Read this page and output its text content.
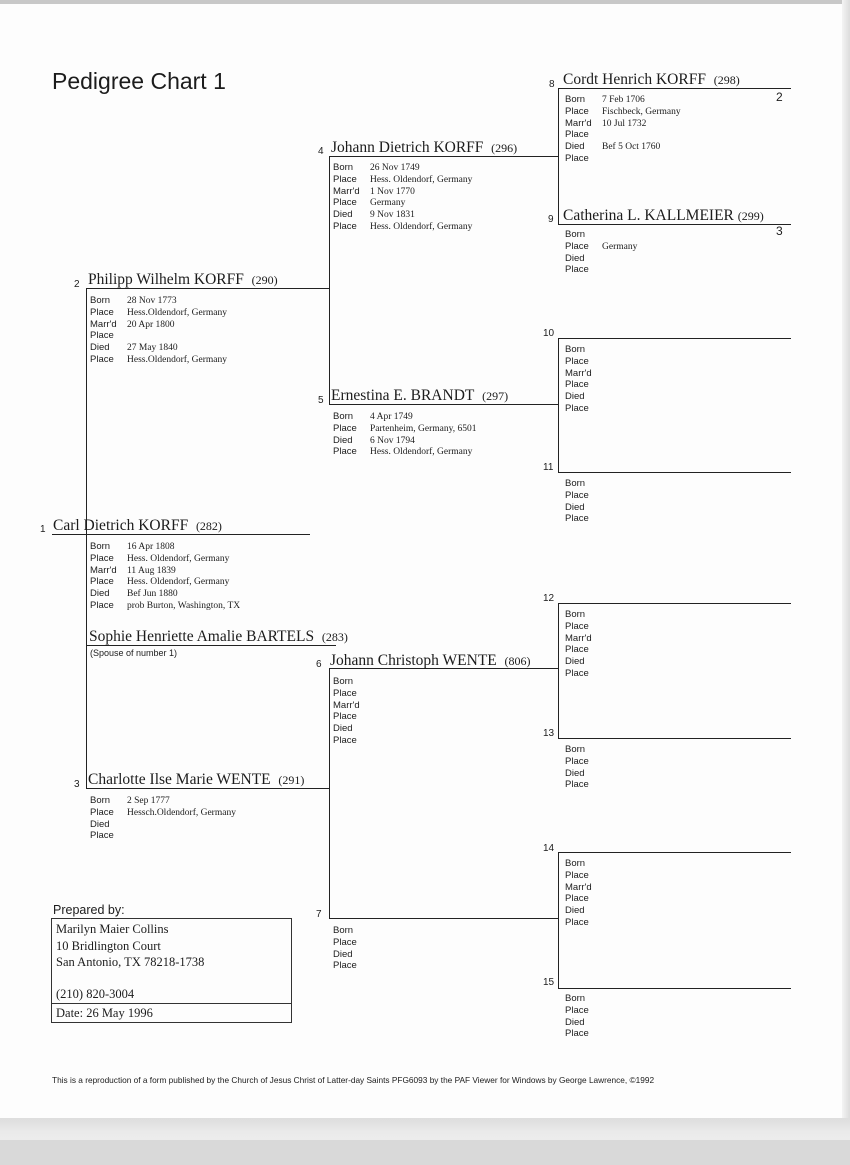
Pedigree Chart 1
1 Carl Dietrich KORFF (282)
Born 16 Apr 1808
Place Hess. Oldendorf, Germany
Marr'd 11 Aug 1839
Place Hess. Oldendorf, Germany
Died Bef Jun 1880
Place prob Burton, Washington, TX
Sophie Henriette Amalie BARTELS (283)
(Spouse of number 1)
2 Philipp Wilhelm KORFF (290)
Born 28 Nov 1773
Place Hess.Oldendorf, Germany
Marr'd 20 Apr 1800
Place
Died 27 May 1840
Place Hess.Oldendorf, Germany
3 Charlotte Ilse Marie WENTE (291)
Born 2 Sep 1777
Place Hessch.Oldendorf, Germany
Died
Place
4 Johann Dietrich KORFF (296)
Born 26 Nov 1749
Place Hess. Oldendorf, Germany
Marr'd 1 Nov 1770
Place Germany
Died 9 Nov 1831
Place Hess. Oldendorf, Germany
5 Ernestina E. BRANDT (297)
Born 4 Apr 1749
Place Partenheim, Germany, 6501
Died 6 Nov 1794
Place Hess. Oldendorf, Germany
6 Johann Christoph WENTE (806)
Born
Place
Marr'd
Place
Died
Place
7
Born
Place
Died
Place
8 Cordt Henrich KORFF (298)
2
Born 7 Feb 1706
Place Fischbeck, Germany
Marr'd 10 Jul 1732
Place
Died Bef 5 Oct 1760
Place
9 Catherina L. KALLMEIER (299)
3
Born
Place Germany
Died
Place
10
Born
Place
Marr'd
Place
Died
Place
11
Born
Place
Died
Place
12
Born
Place
Marr'd
Place
Died
Place
13
Born
Place
Died
Place
14
Born
Place
Marr'd
Place
Died
Place
15
Born
Place
Died
Place
Prepared by:
Marilyn Maier Collins
10 Bridlington Court
San Antonio, TX 78218-1738
(210) 820-3004
Date: 26 May 1996
This is a reproduction of a form published by the Church of Jesus Christ of Latter-day Saints PFG6093 by the PAF Viewer for Windows by George Lawrence, ©1992
